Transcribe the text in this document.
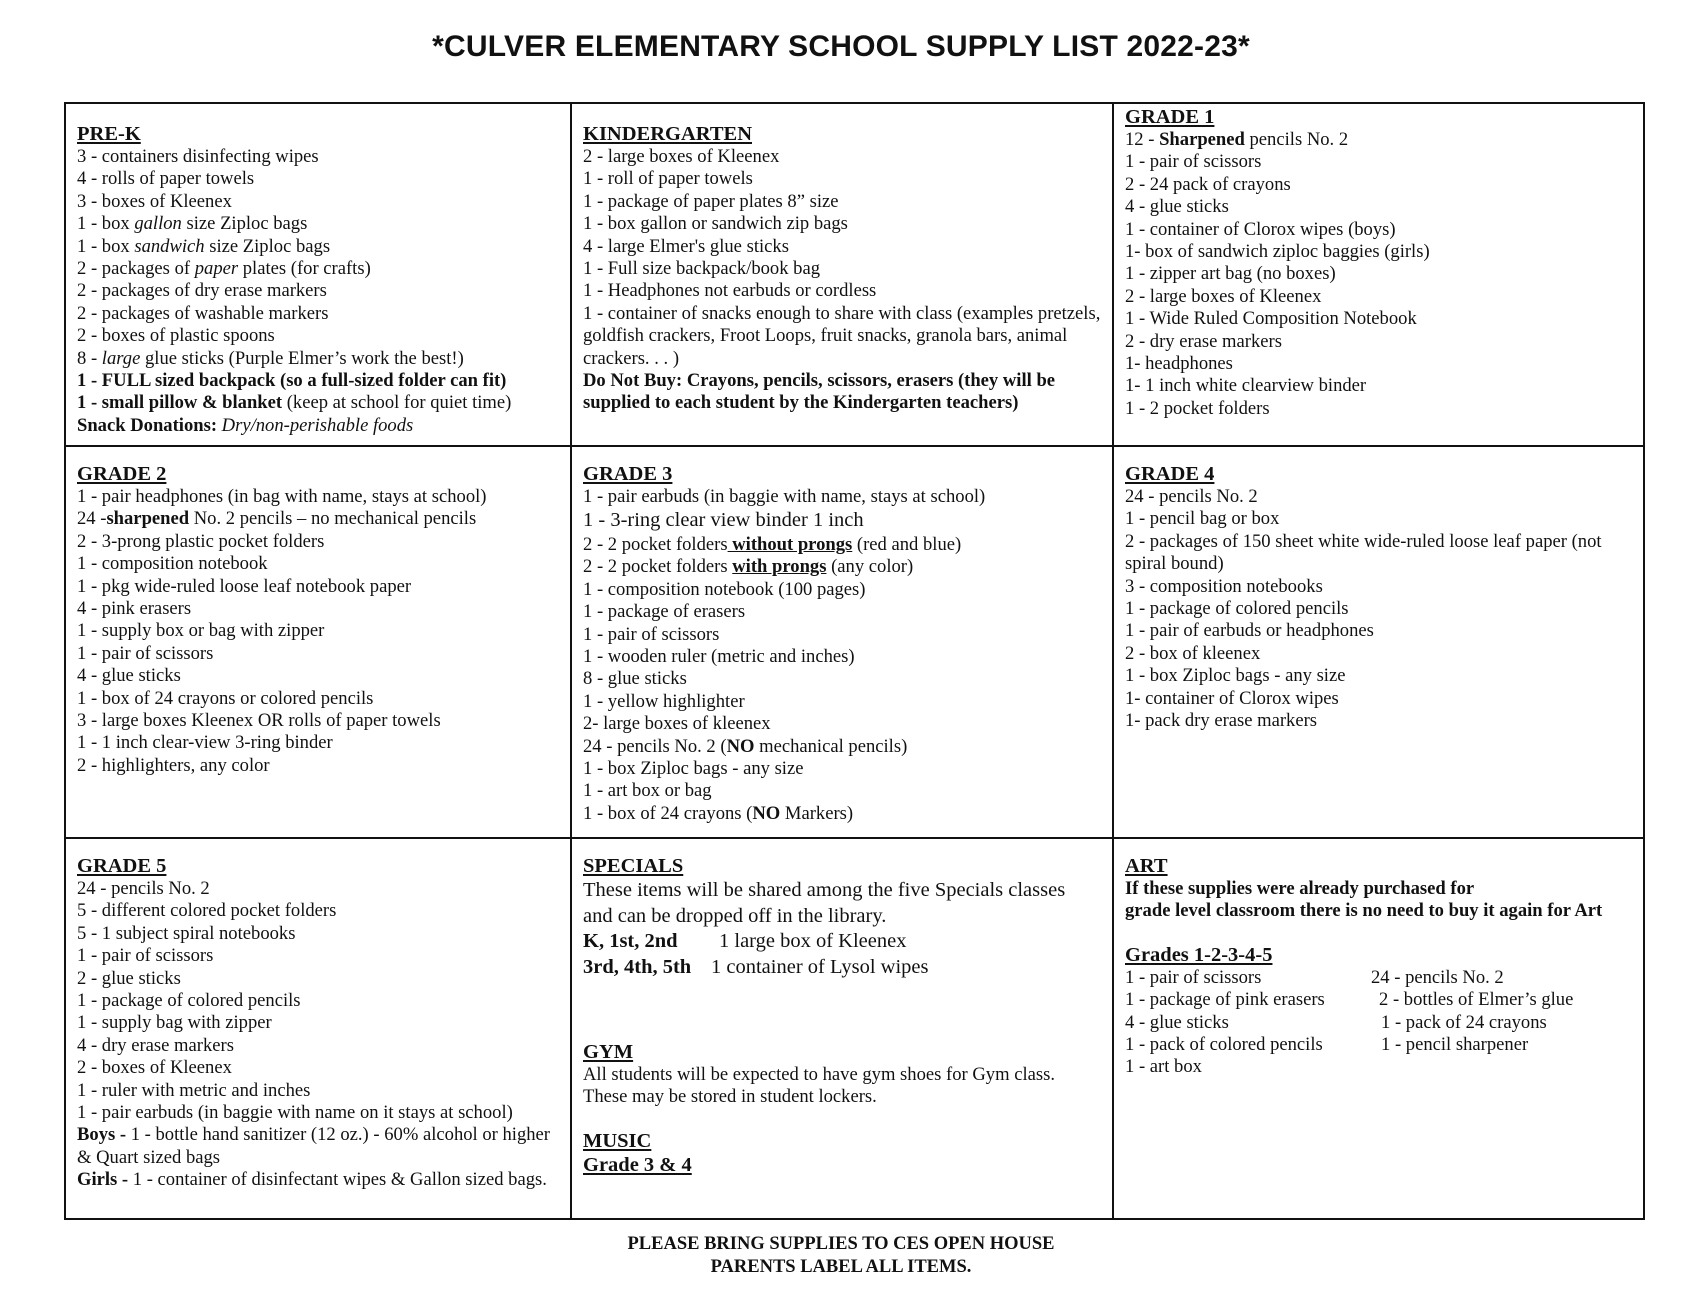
*CULVER ELEMENTARY SCHOOL SUPPLY LIST 2022-23*
PRE-K
3 - containers disinfecting wipes
4 - rolls of paper towels
3 - boxes of Kleenex
1 - box gallon size Ziploc bags
1 - box sandwich size Ziploc bags
2 - packages of paper plates (for crafts)
2 - packages of dry erase markers
2 - packages of washable markers
2 - boxes of plastic spoons
8 - large glue sticks (Purple Elmer’s work the best!)
1 - FULL sized backpack (so a full-sized folder can fit)
1 - small pillow & blanket (keep at school for quiet time)
Snack Donations: Dry/non-perishable foods
KINDERGARTEN
2 - large boxes of Kleenex
1 - roll of paper towels
1 - package of paper plates 8” size
1 - box gallon or sandwich zip bags
4 - large Elmer's glue sticks
1 - Full size backpack/book bag
1 - Headphones not earbuds or cordless
1 - container of snacks enough to share with class (examples pretzels, goldfish crackers, Froot Loops, fruit snacks, granola bars, animal crackers. . . )
Do Not Buy: Crayons, pencils, scissors, erasers (they will be supplied to each student by the Kindergarten teachers)
GRADE 1
12 - Sharpened pencils No. 2
1 - pair of scissors
2 - 24 pack of crayons
4 - glue sticks
1 - container of Clorox wipes (boys)
1- box of sandwich ziploc baggies (girls)
1 - zipper art bag (no boxes)
2 - large boxes of Kleenex
1 - Wide Ruled Composition Notebook
2 - dry erase markers
1- headphones
1- 1 inch white clearview binder
1 - 2 pocket folders
GRADE 2
1 - pair headphones (in bag with name, stays at school)
24 -sharpened No. 2 pencils – no mechanical pencils
2 - 3-prong plastic pocket folders
1 - composition notebook
1 - pkg wide-ruled loose leaf notebook paper
4 - pink erasers
1 - supply box or bag with zipper
1 - pair of scissors
4 - glue sticks
1 - box of 24 crayons or colored pencils
3 - large boxes Kleenex OR rolls of paper towels
1 - 1 inch clear-view 3-ring binder
2 - highlighters, any color
GRADE 3
1 - pair earbuds (in baggie with name, stays at school)
1 - 3-ring clear view binder 1 inch
2 - 2 pocket folders without prongs (red and blue)
2 - 2 pocket folders with prongs (any color)
1 - composition notebook (100 pages)
1 - package of erasers
1 - pair of scissors
1 - wooden ruler (metric and inches)
8 - glue sticks
1 - yellow highlighter
2- large boxes of kleenex
24 - pencils No. 2 (NO mechanical pencils)
1 - box Ziploc bags - any size
1 - art box or bag
1 - box of 24 crayons (NO Markers)
GRADE 4
24 - pencils No. 2
1 - pencil bag or box
2 - packages of 150 sheet white wide-ruled loose leaf paper (not spiral bound)
3 - composition notebooks
1 - package of colored pencils
1 - pair of earbuds or headphones
2 - box of kleenex
1 - box Ziploc bags - any size
1- container of Clorox wipes
1- pack dry erase markers
GRADE 5
24 - pencils No. 2
5 - different colored pocket folders
5 - 1 subject spiral notebooks
1 - pair of scissors
2 - glue sticks
1 - package of colored pencils
1 - supply bag with zipper
4 - dry erase markers
2 - boxes of Kleenex
1 - ruler with metric and inches
1 - pair earbuds (in baggie with name on it stays at school)
Boys - 1 - bottle hand sanitizer (12 oz.) - 60% alcohol or higher & Quart sized bags
Girls - 1 - container of disinfectant wipes & Gallon sized bags.
SPECIALS
These items will be shared among the five Specials classes
and can be dropped off in the library.
K, 1st, 2nd 1 large box of Kleenex
3rd, 4th, 5th 1 container of Lysol wipes
GYM
All students will be expected to have gym shoes for Gym class.
These may be stored in student lockers.
MUSIC
Grade 3 & 4
ART
If these supplies were already purchased for
grade level classroom there is no need to buy it again for Art
Grades 1-2-3-4-5
1 - pair of scissors
1 - package of pink erasers
4 - glue sticks
1 - pack of colored pencils
1 - art box
24 - pencils No. 2
2 - bottles of Elmer’s glue
1 - pack of 24 crayons
1 - pencil sharpener
PLEASE BRING SUPPLIES TO CES OPEN HOUSE
PARENTS LABEL ALL ITEMS.
